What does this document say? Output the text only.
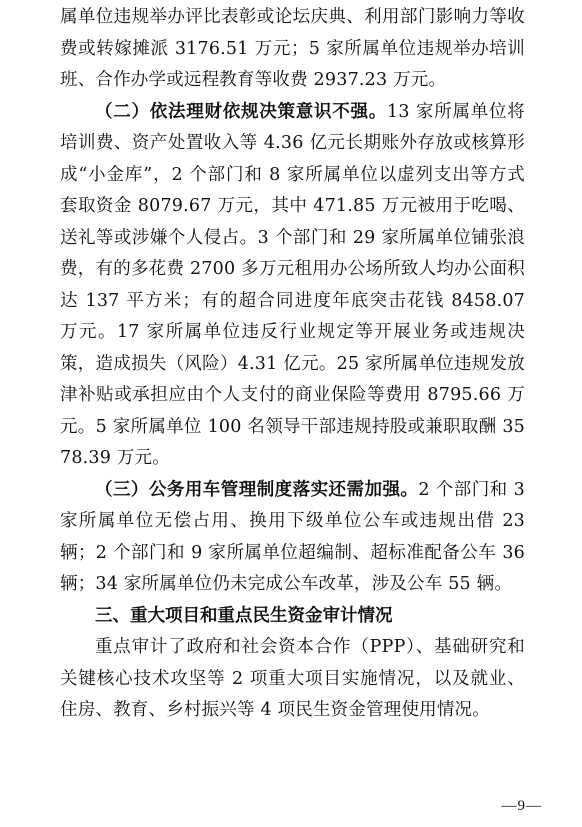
属单位违规举办评比表彰或论坛庆典、利用部门影响力等收费或转嫁摊派 3176.51 万元；5 家所属单位违规举办培训班、合作办学或远程教育等收费 2937.23 万元。

（二）依法理财依规决策意识不强。13 家所属单位将培训费、资产处置收入等 4.36 亿元长期账外存放或核算形成“小金库”，2 个部门和 8 家所属单位以虚列支出等方式套取资金 8079.67 万元，其中 471.85 万元被用于吃喝、送礼等或涉嫌个人侵占。3 个部门和 29 家所属单位铺张浪费，有的多花费 2700 多万元租用办公场所致人均办公面积达 137 平方米；有的超合同进度年底突击花钱 8458.07 万元。17 家所属单位违反行业规定等开展业务或违规决策，造成损失（风险）4.31 亿元。25 家所属单位违规发放津补贴或承担应由个人支付的商业保险等费用 8795.66 万元。5 家所属单位 100 名领导干部违规持股或兼职取酬 3578.39 万元。

（三）公务用车管理制度落实还需加强。2 个部门和 3 家所属单位无偿占用、换用下级单位公车或违规出借 23 辆；2 个部门和 9 家所属单位超编制、超标准配备公车 36 辆；34 家所属单位仍未完成公车改革，涉及公车 55 辆。

三、重大项目和重点民生资金审计情况

重点审计了政府和社会资本合作（PPP）、基础研究和关键核心技术攻坚等 2 项重大项目实施情况，以及就业、住房、教育、乡村振兴等 4 项民生资金管理使用情况。

—9—
